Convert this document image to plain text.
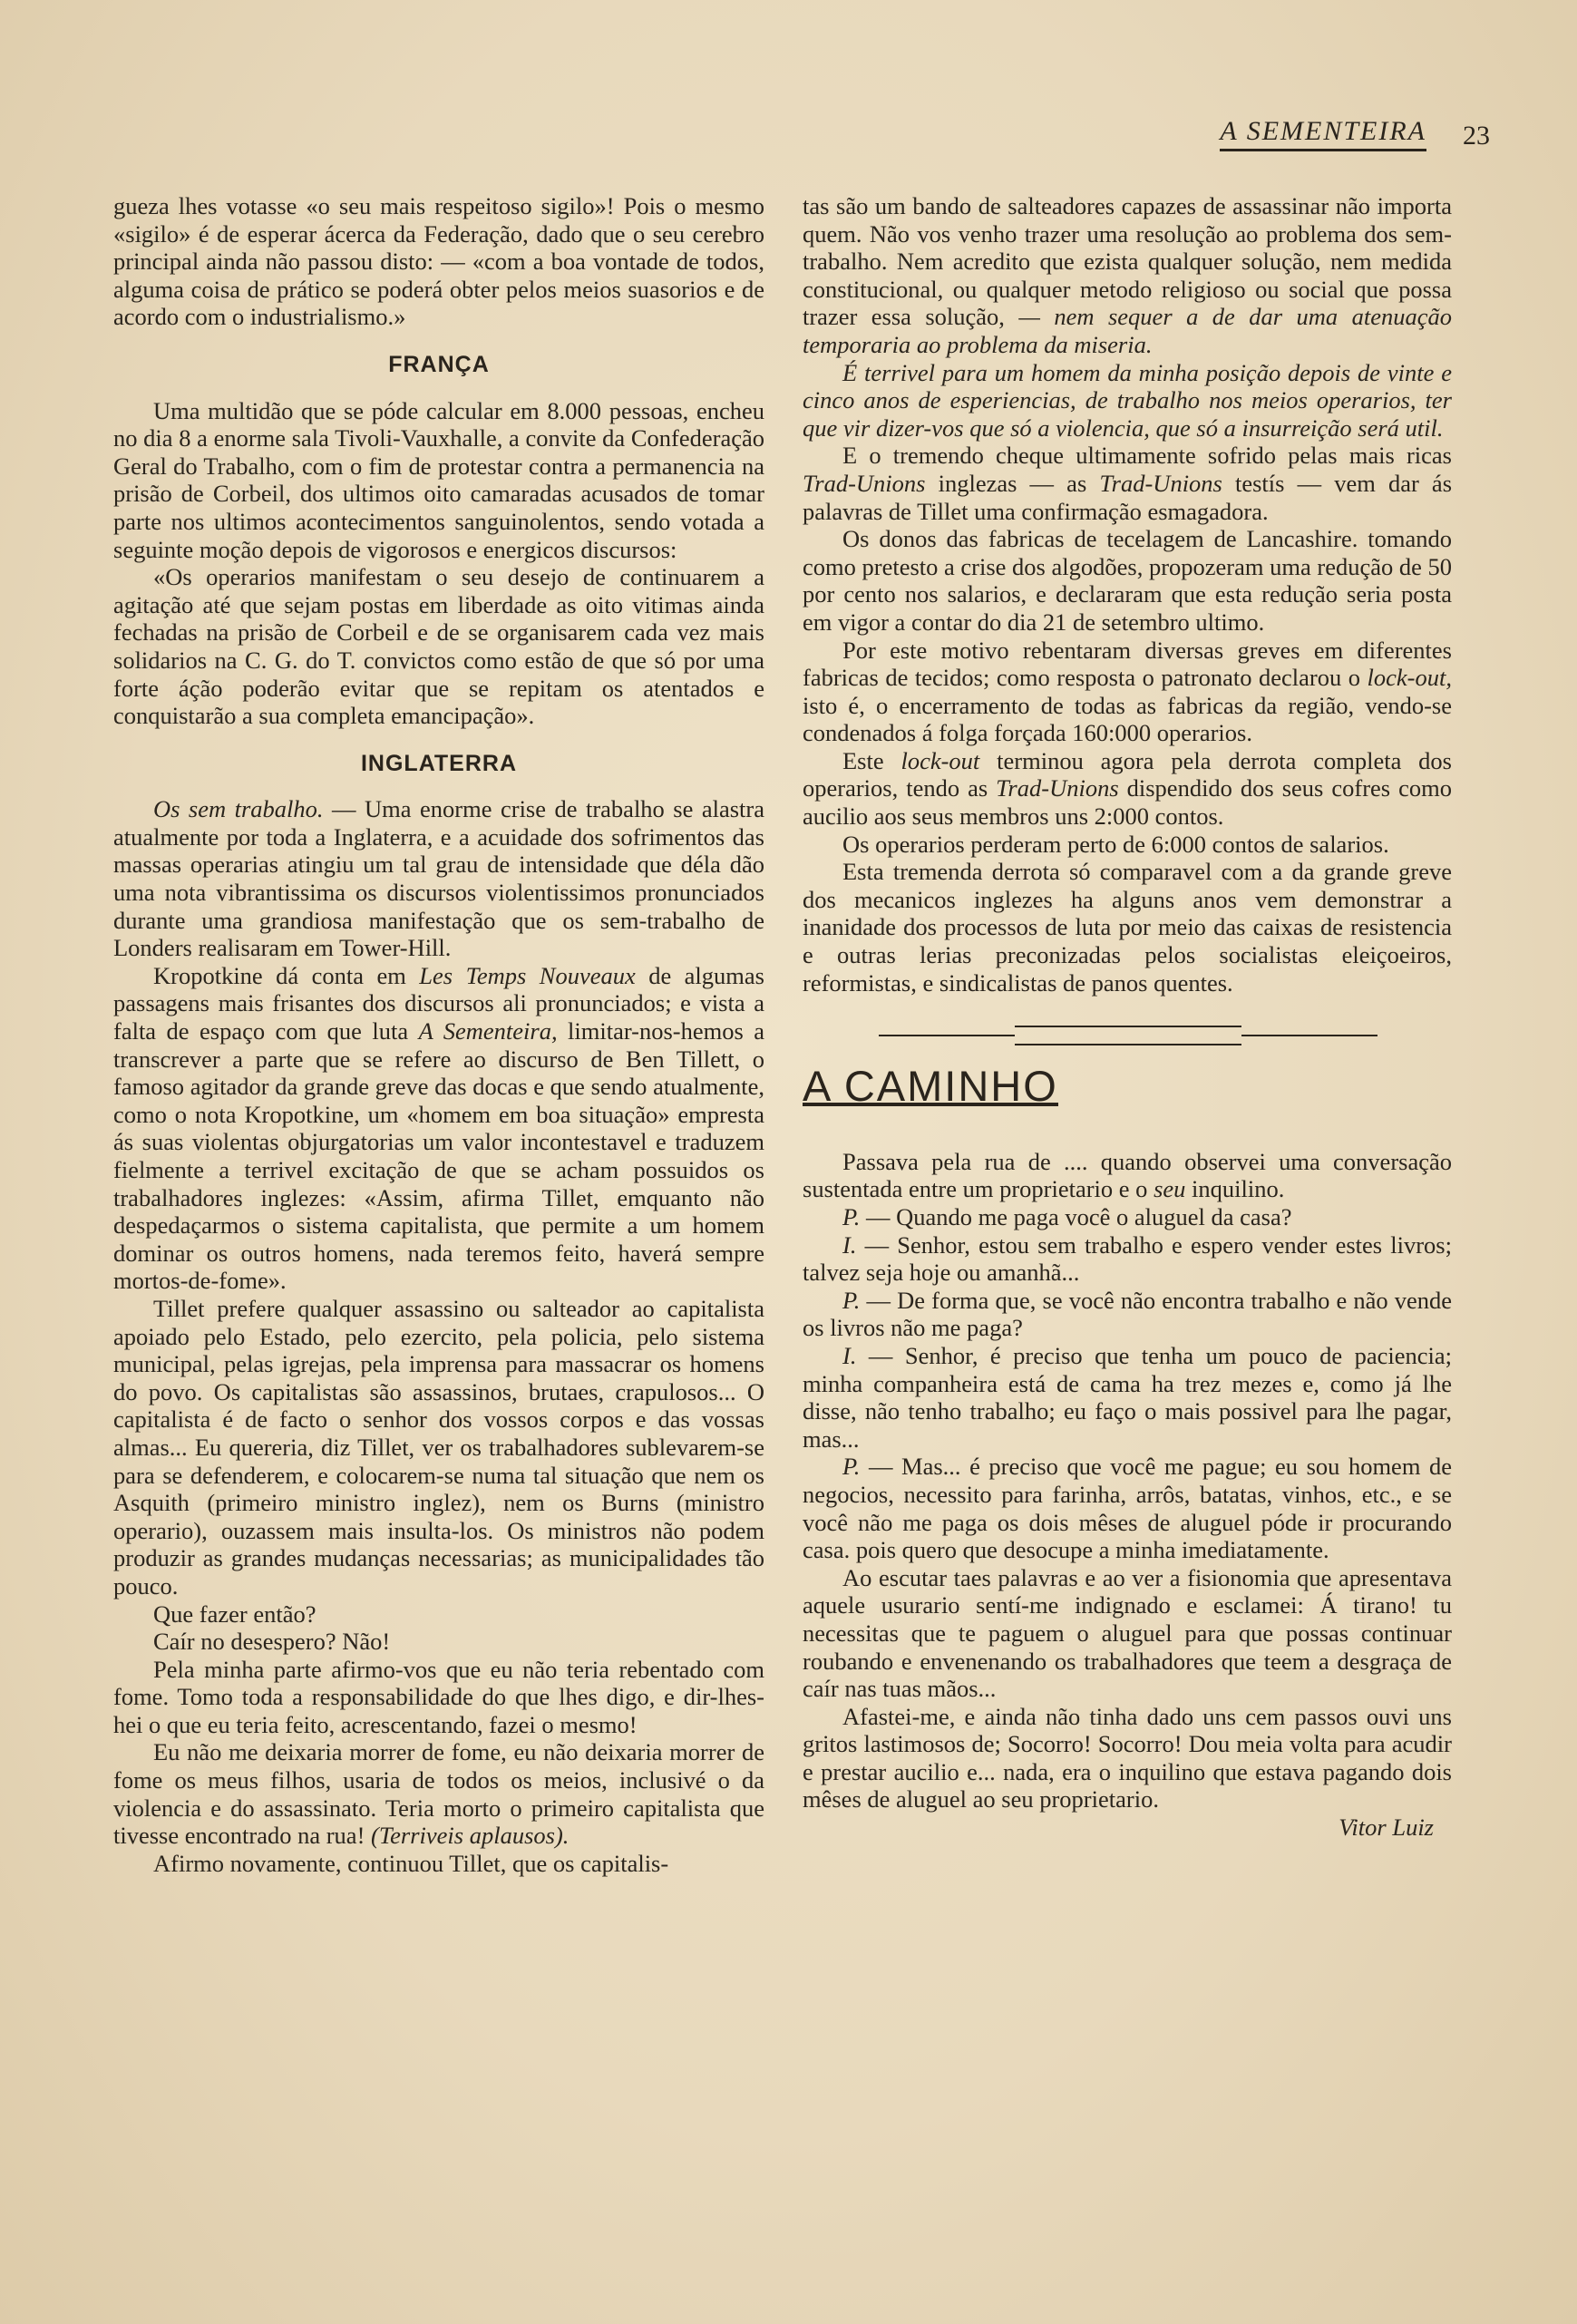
A SEMENTEIRA 23

gueza lhes votasse «o seu mais respeitoso sigilo»! Pois o mesmo «sigilo» é de esperar ácerca da Federação, dado que o seu cerebro principal ainda não passou disto: — «com a boa vontade de todos, alguma coisa de prático se poderá obter pelos meios suasorios e de acordo com o industrialismo.»

FRANÇA

Uma multidão que se póde calcular em 8.000 pessoas, encheu no dia 8 a enorme sala Tivoli-Vauxhalle, a convite da Confederação Geral do Trabalho, com o fim de protestar contra a permanencia na prisão de Corbeil, dos ultimos oito camaradas acusados de tomar parte nos ultimos acontecimentos sanguinolentos, sendo votada a seguinte moção depois de vigorosos e energicos discursos:

«Os operarios manifestam o seu desejo de continuarem a agitação até que sejam postas em liberdade as oito vitimas ainda fechadas na prisão de Corbeil e de se organisarem cada vez mais solidarios na C. G. do T. convictos como estão de que só por uma forte áção poderão evitar que se repitam os atentados e conquistarão a sua completa emancipação».

INGLATERRA

Os sem trabalho. — Uma enorme crise de trabalho se alastra atualmente por toda a Inglaterra, e a acuidade dos sofrimentos das massas operarias atingiu um tal grau de intensidade que déla dão uma nota vibrantissima os discursos violentissimos pronunciados durante uma grandiosa manifestação que os sem-trabalho de Londers realisaram em Tower-Hill.

Kropotkine dá conta em Les Temps Nouveaux de algumas passagens mais frisantes dos discursos ali pronunciados; e vista a falta de espaço com que luta A Sementeira, limitar-nos-hemos a transcrever a parte que se refere ao discurso de Ben Tillett, o famoso agitador da grande greve das docas e que sendo atualmente, como o nota Kropotkine, um «homem em boa situação» empresta ás suas violentas objurgatorias um valor incontestavel e traduzem fielmente a terrivel excitação de que se acham possuidos os trabalhadores inglezes: «Assim, afirma Tillet, emquanto não despedaçarmos o sistema capitalista, que permite a um homem dominar os outros homens, nada teremos feito, haverá sempre mortos-de-fome».

Tillet prefere qualquer assassino ou salteador ao capitalista apoiado pelo Estado, pelo ezercito, pela policia, pelo sistema municipal, pelas igrejas, pela imprensa para massacrar os homens do povo. Os capitalistas são assassinos, brutaes, crapulosos... O capitalista é de facto o senhor dos vossos corpos e das vossas almas... Eu quereria, diz Tillet, ver os trabalhadores sublevarem-se para se defenderem, e colocarem-se numa tal situação que nem os Asquith (primeiro ministro inglez), nem os Burns (ministro operario), ouzassem mais insulta-los. Os ministros não podem produzir as grandes mudanças necessarias; as municipalidades tão pouco.

Que fazer então?

Caír no desespero? Não!

Pela minha parte afirmo-vos que eu não teria rebentado com fome. Tomo toda a responsabilidade do que lhes digo, e dir-lhes-hei o que eu teria feito, acrescentando, fazei o mesmo!

Eu não me deixaria morrer de fome, eu não deixaria morrer de fome os meus filhos, usaria de todos os meios, inclusivé o da violencia e do assassinato. Teria morto o primeiro capitalista que tivesse encontrado na rua! (Terriveis aplausos).

Afirmo novamente, continuou Tillet, que os capitalis-

tas são um bando de salteadores capazes de assassinar não importa quem. Não vos venho trazer uma resolução ao problema dos sem-trabalho. Nem acredito que ezista qualquer solução, nem medida constitucional, ou qualquer metodo religioso ou social que possa trazer essa solução, — nem sequer a de dar uma atenuação temporaria ao problema da miseria.

É terrivel para um homem da minha posição depois de vinte e cinco anos de esperiencias, de trabalho nos meios operarios, ter que vir dizer-vos que só a violencia, que só a insurreição será util.

E o tremendo cheque ultimamente sofrido pelas mais ricas Trad-Unions inglezas — as Trad-Unions testís — vem dar ás palavras de Tillet uma confirmação esmagadora.

Os donos das fabricas de tecelagem de Lancashire. tomando como pretesto a crise dos algodões, propozeram uma redução de 50 por cento nos salarios, e declararam que esta redução seria posta em vigor a contar do dia 21 de setembro ultimo.

Por este motivo rebentaram diversas greves em diferentes fabricas de tecidos; como resposta o patronato declarou o lock-out, isto é, o encerramento de todas as fabricas da região, vendo-se condenados á folga forçada 160:000 operarios.

Este lock-out terminou agora pela derrota completa dos operarios, tendo as Trad-Unions dispendido dos seus cofres como aucilio aos seus membros uns 2:000 contos.

Os operarios perderam perto de 6:000 contos de salarios.

Esta tremenda derrota só comparavel com a da grande greve dos mecanicos inglezes ha alguns anos vem demonstrar a inanidade dos processos de luta por meio das caixas de resistencia e outras lerias preconizadas pelos socialistas eleiçoeiros, reformistas, e sindicalistas de panos quentes.

A CAMINHO

Passava pela rua de .... quando observei uma conversação sustentada entre um proprietario e o seu inquilino.

P. — Quando me paga você o aluguel da casa?

I. — Senhor, estou sem trabalho e espero vender estes livros; talvez seja hoje ou amanhã...

P. — De forma que, se você não encontra trabalho e não vende os livros não me paga?

I. — Senhor, é preciso que tenha um pouco de paciencia; minha companheira está de cama ha trez mezes e, como já lhe disse, não tenho trabalho; eu faço o mais possivel para lhe pagar, mas...

P. — Mas... é preciso que você me pague; eu sou homem de negocios, necessito para farinha, arrôs, batatas, vinhos, etc., e se você não me paga os dois mêses de aluguel póde ir procurando casa. pois quero que desocupe a minha imediatamente.

Ao escutar taes palavras e ao ver a fisionomia que apresentava aquele usurario sentí-me indignado e esclamei: Á tirano! tu necessitas que te paguem o aluguel para que possas continuar roubando e envenenando os trabalhadores que teem a desgraça de caír nas tuas mãos...

Afastei-me, e ainda não tinha dado uns cem passos ouvi uns gritos lastimosos de; Socorro! Socorro! Dou meia volta para acudir e prestar aucilio e... nada, era o inquilino que estava pagando dois mêses de aluguel ao seu proprietario.

Vitor Luiz
